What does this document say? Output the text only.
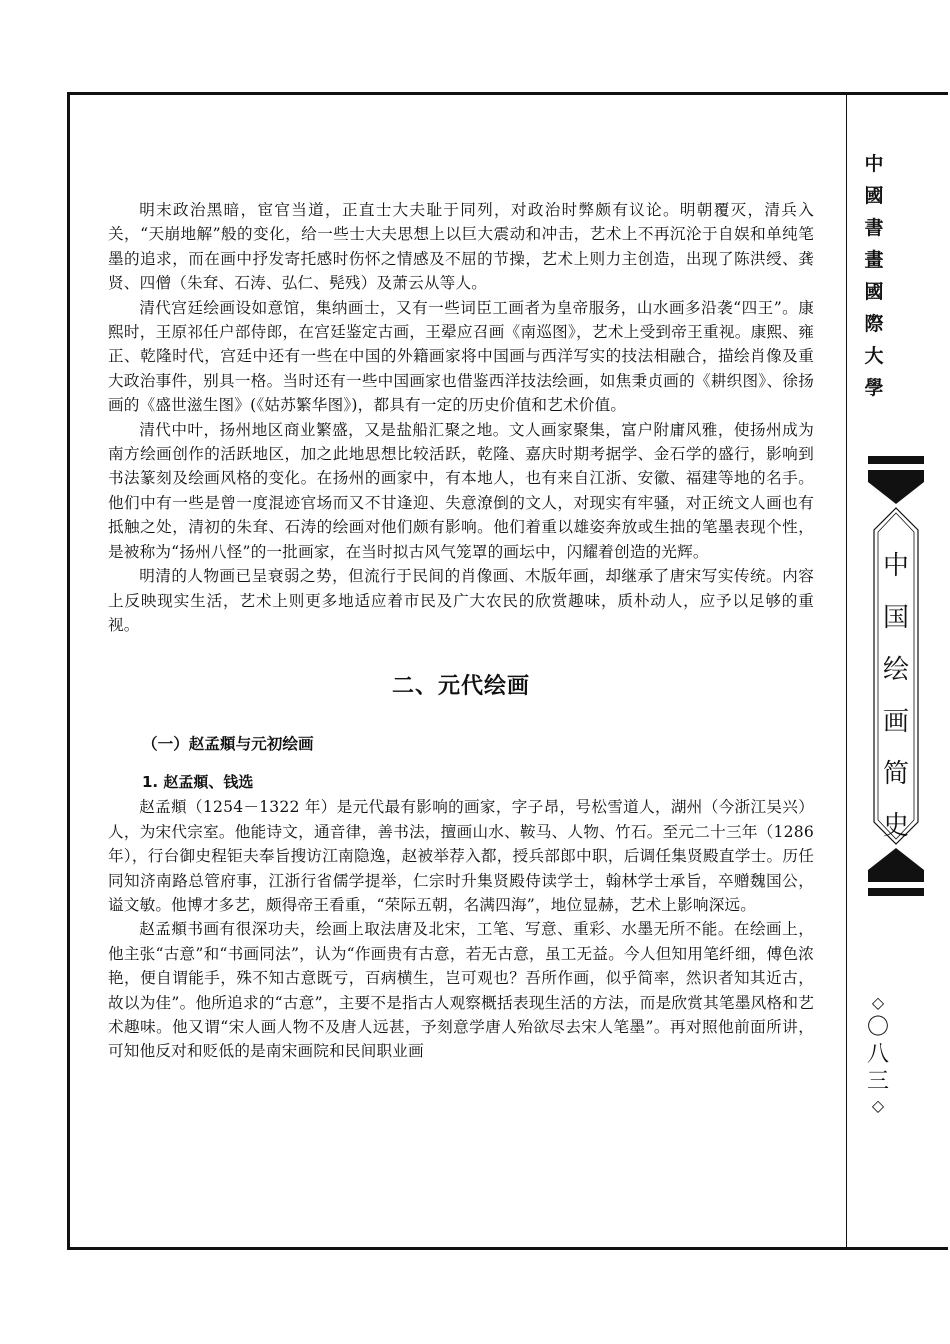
明末政治黑暗，宦官当道，正直士大夫耻于同列，对政治时弊颇有议论。明朝覆灭，清兵入关，“天崩地解”般的变化，给一些士大夫思想上以巨大震动和冲击，艺术上不再沉沦于自娱和单纯笔墨的追求，而在画中抒发寄托感时伤怀之情感及不屈的节操，艺术上则力主创造，出现了陈洪绶、龚贤、四僧（朱耷、石涛、弘仁、髡残）及萧云从等人。

清代宫廷绘画设如意馆，集纳画士，又有一些词臣工画者为皇帝服务，山水画多沿袭“四王”。康熙时，王原祁任户部侍郎，在宫廷鉴定古画，王翚应召画《南巡图》，艺术上受到帝王重视。康熙、雍正、乾隆时代，宫廷中还有一些在中国的外籍画家将中国画与西洋写实的技法相融合，描绘肖像及重大政治事件，别具一格。当时还有一些中国画家也借鉴西洋技法绘画，如焦秉贞画的《耕织图》、徐扬画的《盛世滋生图》(《姑苏繁华图》)，都具有一定的历史价值和艺术价值。

清代中叶，扬州地区商业繁盛，又是盐船汇聚之地。文人画家聚集，富户附庸风雅，使扬州成为南方绘画创作的活跃地区，加之此地思想比较活跃，乾隆、嘉庆时期考据学、金石学的盛行，影响到书法篆刻及绘画风格的变化。在扬州的画家中，有本地人，也有来自江浙、安徽、福建等地的名手。他们中有一些是曾一度混迹官场而又不甘逢迎、失意潦倒的文人，对现实有牢骚，对正统文人画也有抵触之处，清初的朱耷、石涛的绘画对他们颇有影响。他们着重以雄姿奔放或生拙的笔墨表现个性，是被称为“扬州八怪”的一批画家，在当时拟古风气笼罩的画坛中，闪耀着创造的光辉。

明清的人物画已呈衰弱之势，但流行于民间的肖像画、木版年画，却继承了唐宋写实传统。内容上反映现实生活，艺术上则更多地适应着市民及广大农民的欣赏趣味，质朴动人，应予以足够的重视。

二、元代绘画
（一）赵孟頫与元初绘画
1. 赵孟頫、钱选

赵孟頫（1254－1322 年）是元代最有影响的画家，字子昂，号松雪道人，湖州（今浙江吴兴）人，为宋代宗室。他能诗文，通音律，善书法，擅画山水、鞍马、人物、竹石。至元二十三年（1286 年），行台御史程钜夫奉旨搜访江南隐逸，赵被举荐入都，授兵部郎中职，后调任集贤殿直学士。历任同知济南路总管府事，江浙行省儒学提举，仁宗时升集贤殿侍读学士，翰林学士承旨，卒赠魏国公，谥文敏。他博才多艺，颇得帝王看重，“荣际五朝，名满四海”，地位显赫，艺术上影响深远。

赵孟頫书画有很深功夫，绘画上取法唐及北宋，工笔、写意、重彩、水墨无所不能。在绘画上，他主张“古意”和“书画同法”，认为“作画贵有古意，若无古意，虽工无益。今人但知用笔纤细，傅色浓艳，便自谓能手，殊不知古意既亏，百病横生，岂可观也？吾所作画，似乎简率，然识者知其近古，故以为佳”。他所追求的“古意”，主要不是指古人观察概括表现生活的方法，而是欣赏其笔墨风格和艺术趣味。他又谓“宋人画人物不及唐人远甚，予刻意学唐人殆欲尽去宋人笔墨”。再对照他前面所讲，可知他反对和贬低的是南宋画院和民间职业画

中
國
書
畫
國
際
大
學
中
国
绘
画
简
史
◇
〇
八
三
◇
